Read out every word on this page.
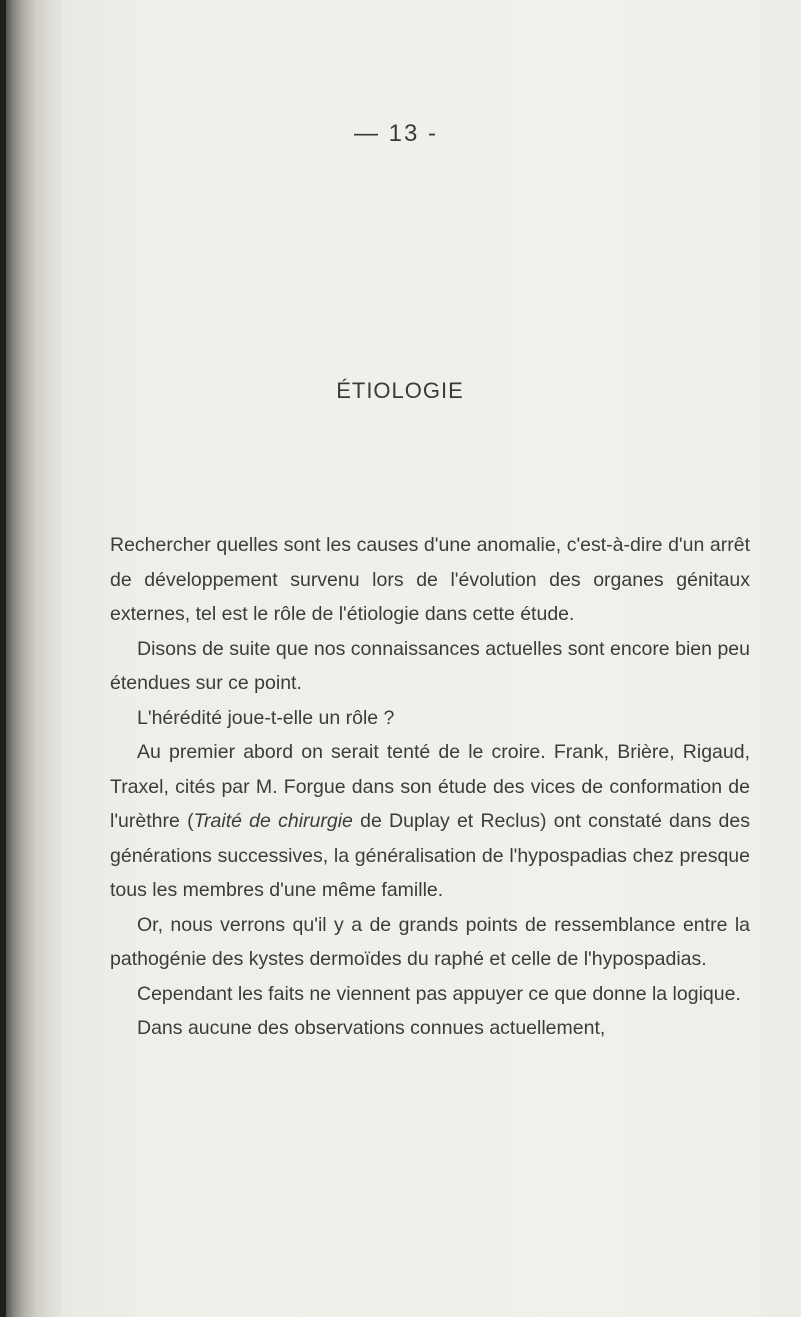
— 13 -
ÉTIOLOGIE

Rechercher quelles sont les causes d'une anomalie, c'est-à-dire d'un arrêt de développement survenu lors de l'évolution des organes génitaux externes, tel est le rôle de l'étiologie dans cette étude.

Disons de suite que nos connaissances actuelles sont encore bien peu étendues sur ce point.

L'hérédité joue-t-elle un rôle ?

Au premier abord on serait tenté de le croire. Frank, Brière, Rigaud, Traxel, cités par M. Forgue dans son étude des vices de conformation de l'urèthre (Traité de chirurgie de Duplay et Reclus) ont constaté dans des générations successives, la généralisation de l'hypospadias chez presque tous les membres d'une même famille.

Or, nous verrons qu'il y a de grands points de ressemblance entre la pathogénie des kystes dermoïdes du raphé et celle de l'hypospadias.

Cependant les faits ne viennent pas appuyer ce que donne la logique.

Dans aucune des observations connues actuellement,
